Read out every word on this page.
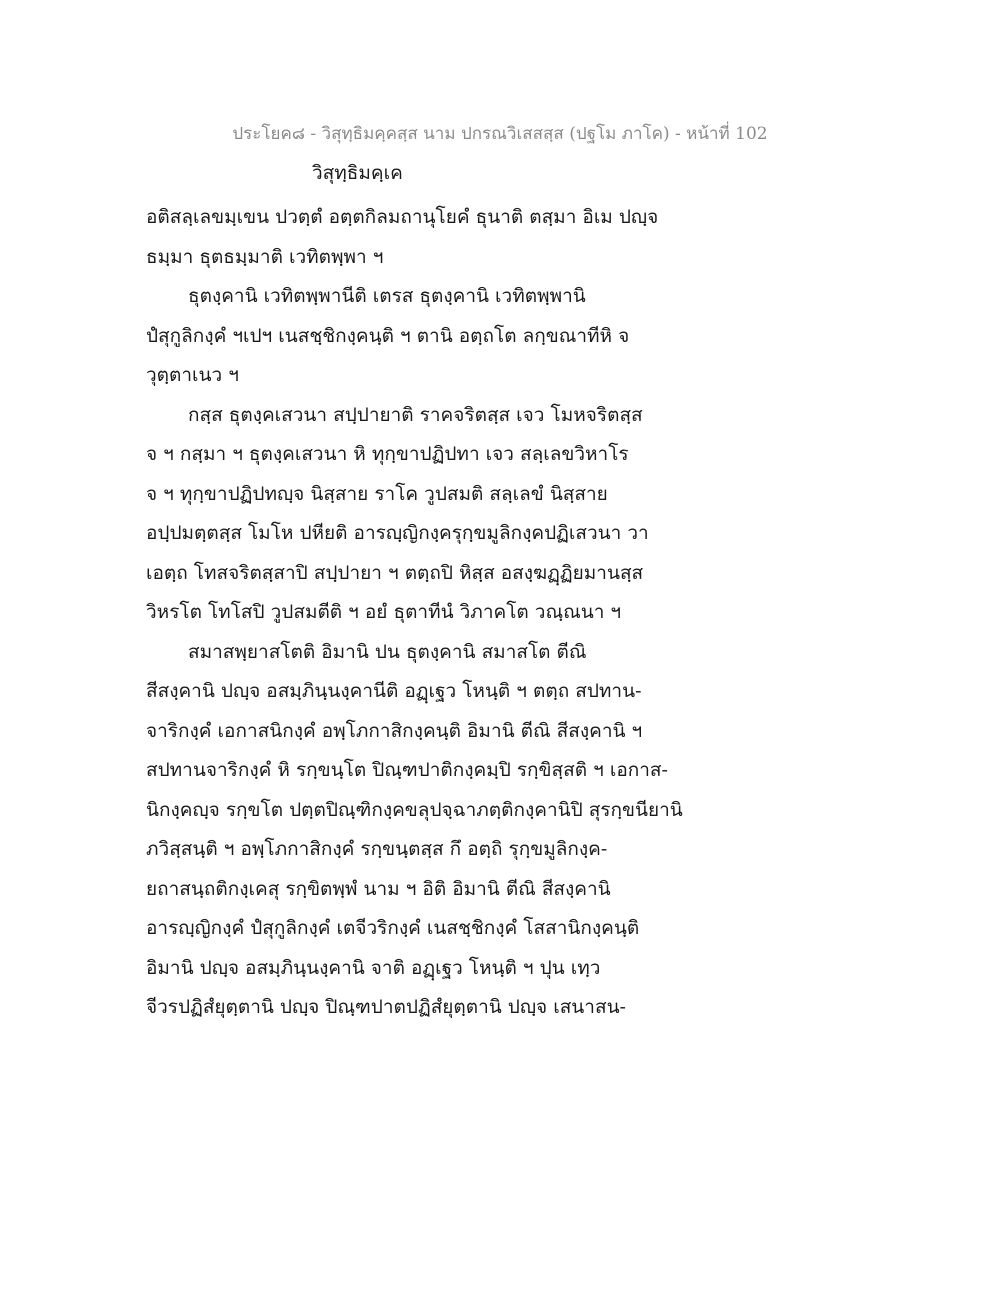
ประโยค๘ - วิสุทฺธิมคฺคสฺส นาม ปกรณวิเสสสฺส (ปฐโม ภาโค) - หน้าที่ 102
วิสุทฺธิมคฺเค
อติสลฺเลขมฺเขน ปวตฺตํ อตฺตกิลมถานุโยคํ ธุนาติ ตสฺมา อิเม ปญฺจ
ธมฺมา ธุตธมฺมาติ เวทิตพฺพา ฯ
ธุตงฺคานิ เวทิตพฺพานีติ เตรส ธุตงฺคานิ เวทิตพฺพานิ
ปํสุกูลิกงฺคํ ฯเปฯ เนสชฺชิกงฺคนฺติ ฯ ตานิ อตฺถโต ลกฺขณาทีหิ จ
วุตฺตาเนว ฯ
กสฺส ธุตงฺคเสวนา สปฺปายาติ ราคจริตสฺส เจว โมหจริตสฺส
จ ฯ กสฺมา ฯ ธุตงฺคเสวนา หิ ทุกฺขาปฏิปทา เจว สลฺเลขวิหาโร
จ ฯ ทุกฺขาปฏิปทญฺจ นิสฺสาย ราโค วูปสมติ สลฺเลขํ นิสฺสาย
อปฺปมตฺตสฺส โมโห ปหียติ อารญฺญิกงฺครุกฺขมูลิกงฺคปฏิเสวนา วา
เอตฺถ โทสจริตสฺสาปิ สปฺปายา ฯ ตตฺถปิ หิสฺส อสงฺฆฏฺฏิยมานสฺส
วิหรโต โทโสปิ วูปสมตีติ ฯ อยํ ธุตาทีนํ วิภาคโต วณฺณนา ฯ
สมาสพฺยาสโตติ อิมานิ ปน ธุตงฺคานิ สมาสโต ตีณิ
สีสงฺคานิ ปญฺจ อสมฺภินฺนงฺคานีติ อฏฺเฐว โหนฺติ ฯ ตตฺถ สปทาน-
จาริกงฺคํ เอกาสนิกงฺคํ อพฺโภกาสิกงฺคนฺติ อิมานิ ตีณิ สีสงฺคานิ ฯ
สปทานจาริกงฺคํ หิ รกฺขนฺโต ปิณฺฑปาติกงฺคมฺปิ รกฺขิสฺสติ ฯ เอกาส-
นิกงฺคญฺจ รกฺขโต ปตฺตปิณฺฑิกงฺคขลุปจฺฉาภตฺติกงฺคานิปิ สุรกฺขนียานิ
ภวิสฺสนฺติ ฯ อพฺโภกาสิกงฺคํ รกฺขนฺตสฺส กึ อตฺถิ รุกฺขมูลิกงฺค-
ยถาสนฺถติกงฺเคสุ รกฺขิตพฺพํ นาม ฯ อิติ อิมานิ ตีณิ สีสงฺคานิ
อารญฺญิกงฺคํ ปํสุกูลิกงฺคํ เตจีวริกงฺคํ เนสชฺชิกงฺคํ โสสานิกงฺคนฺติ
อิมานิ ปญฺจ อสมฺภินฺนงฺคานิ จาติ อฏฺเฐว โหนฺติ ฯ ปุน เทฺว
จีวรปฏิสํยุตฺตานิ ปญฺจ ปิณฺฑปาตปฏิสํยุตฺตานิ ปญฺจ เสนาสน-
